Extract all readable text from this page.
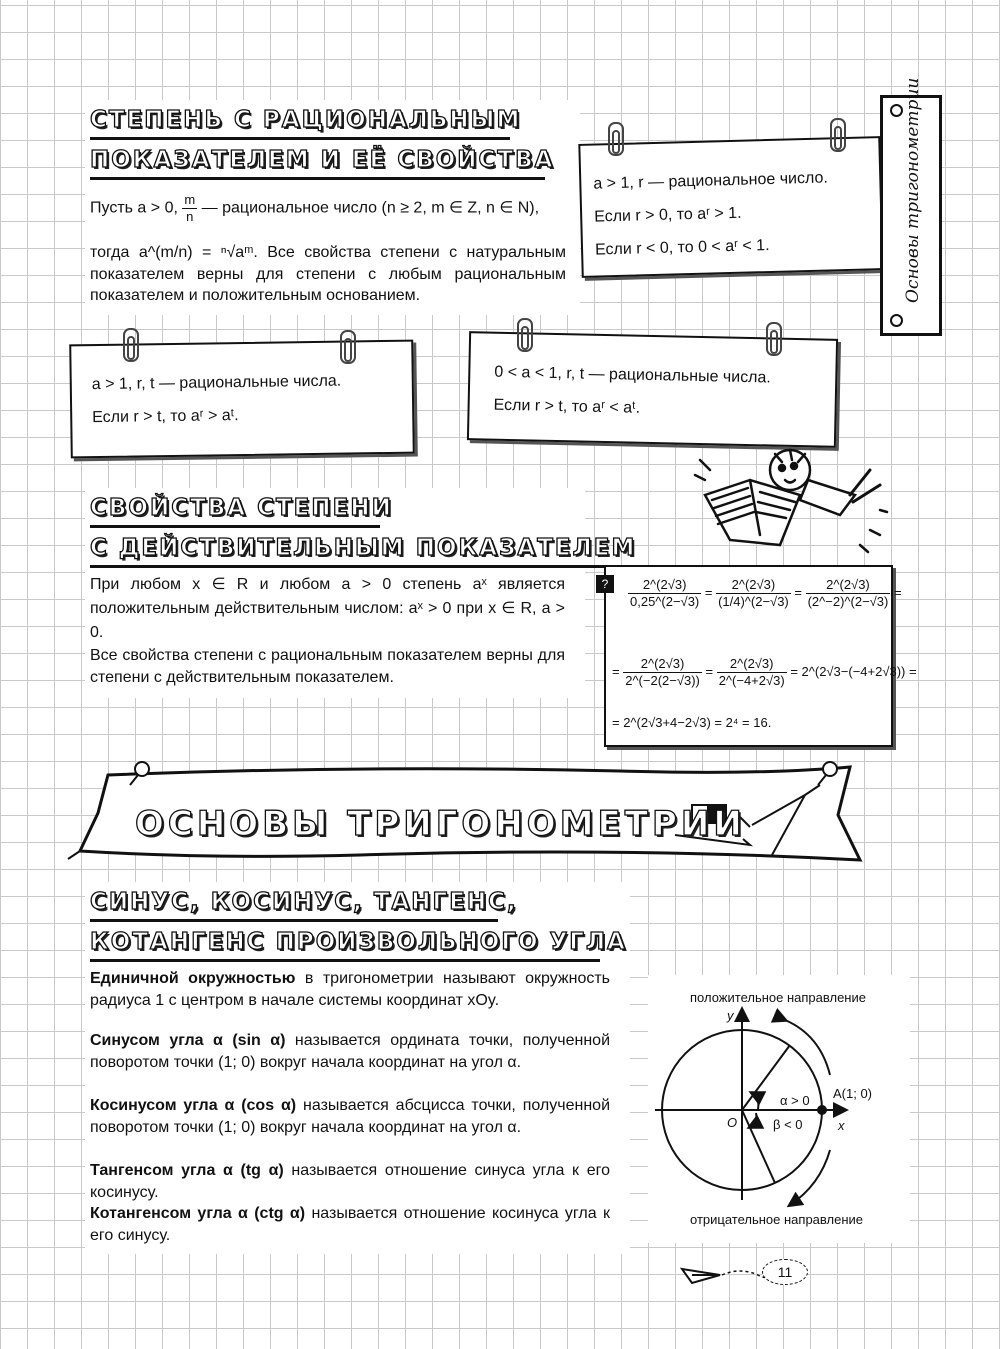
СТЕПЕНЬ С РАЦИОНАЛЬНЫМ
ПОКАЗАТЕЛЕМ И ЕЁ СВОЙСТВА
Пусть a > 0, $\frac{m}{n}$ — рациональное число (n ≥ 2, m ∈ Z, n ∈ N),
тогда a^(m/n) = ⁿ√aᵐ. Все свойства степени с натуральным показателем верны для степени с любым рациональным показателем и положительным основанием.
a > 1, r — рациональное число.
Если r > 0, то aʳ > 1.
Если r < 0, то 0 < aʳ < 1.	Основы тригонометрии
a > 1, r, t — рациональные числа.
Если r > t, то aʳ > aᵗ.
0 < a < 1, r, t — рациональные числа.
Если r > t, то aʳ < aᵗ.
СВОЙСТВА СТЕПЕНИ
С ДЕЙСТВИТЕЛЬНЫМ ПОКАЗАТЕЛЕМ
При любом x ∈ R и любом a > 0 степень aˣ является положительным действительным числом: aˣ > 0 при x ∈ R, a > 0.
Все свойства степени с рациональным показателем верны для степени с действительным показателем.
?	$\frac{2\^{}(2√3)}{0,25\^{}(2-√3)} = \frac{2\^{}(2√3)}{(1/4)\^{}(2-√3)} = \frac{2\^{}(2√3)}{(2\^{}-2)\^{}(2-√3)}$ =
= $\frac{2\^{}(2√3)}{2\^{}(-2(2-√3))} = \frac{2\^{}(2√3)}{2\^{}(-4+2√3)}$ = 2^(2√3−(−4+2√3)) =
= 2^(2√3+4−2√3) = 2⁴ = 16.
ОСНОВЫ ТРИГОНОМЕТРИИ
СИНУС, КОСИНУС, ТАНГЕНС,
КОТАНГЕНС ПРОИЗВОЛЬНОГО УГЛА
Единичной окружностью в тригонометрии называют окружность радиуса 1 с центром в начале системы координат xOy.
Синусом угла α (sin α) называется ордината точки, полученной поворотом точки (1; 0) вокруг начала координат на угол α.
Косинусом угла α (cos α) называется абсцисса точки, полученной поворотом точки (1; 0) вокруг начала координат на угол α.
Тангенсом угла α (tg α) называется отношение синуса угла к его косинусу.
Котангенсом угла α (ctg α) называется отношение косинуса угла к его синусу.
положительное направление
отрицательное направление
y
x
O
A(1; 0)
α > 0
β < 0
11
